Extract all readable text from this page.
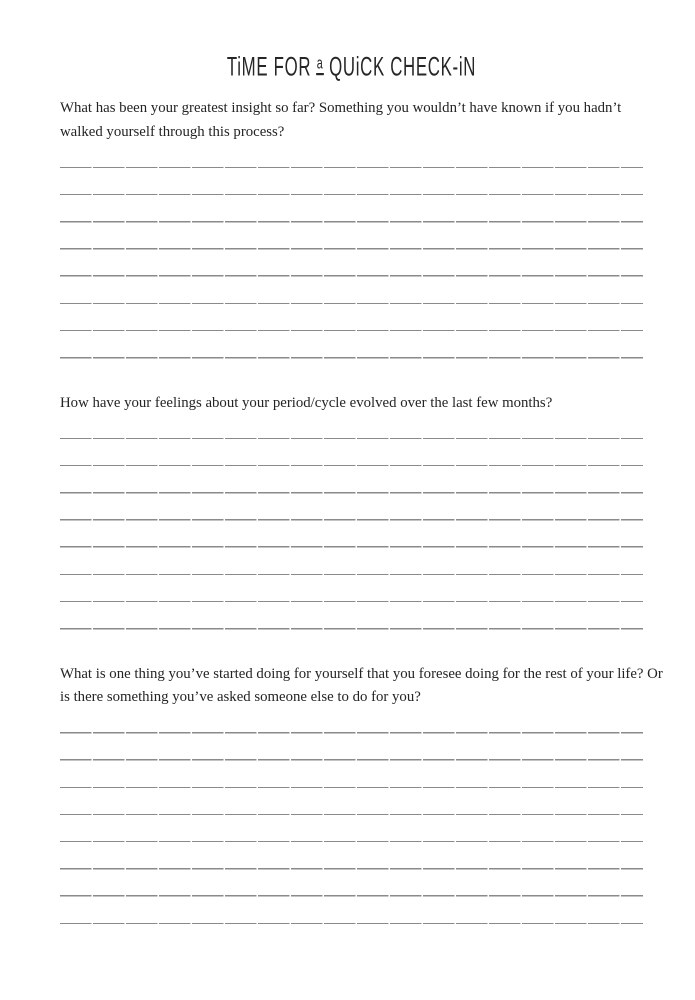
TiME FOR a QUiCK CHECK-iN

What has been your greatest insight so far? Something you wouldn’t have known if you hadn’t walked yourself through this process?

How have your feelings about your period/cycle evolved over the last few months?

What is one thing you’ve started doing for yourself that you foresee doing for the rest of your life? Or is there something you’ve asked someone else to do for you?
